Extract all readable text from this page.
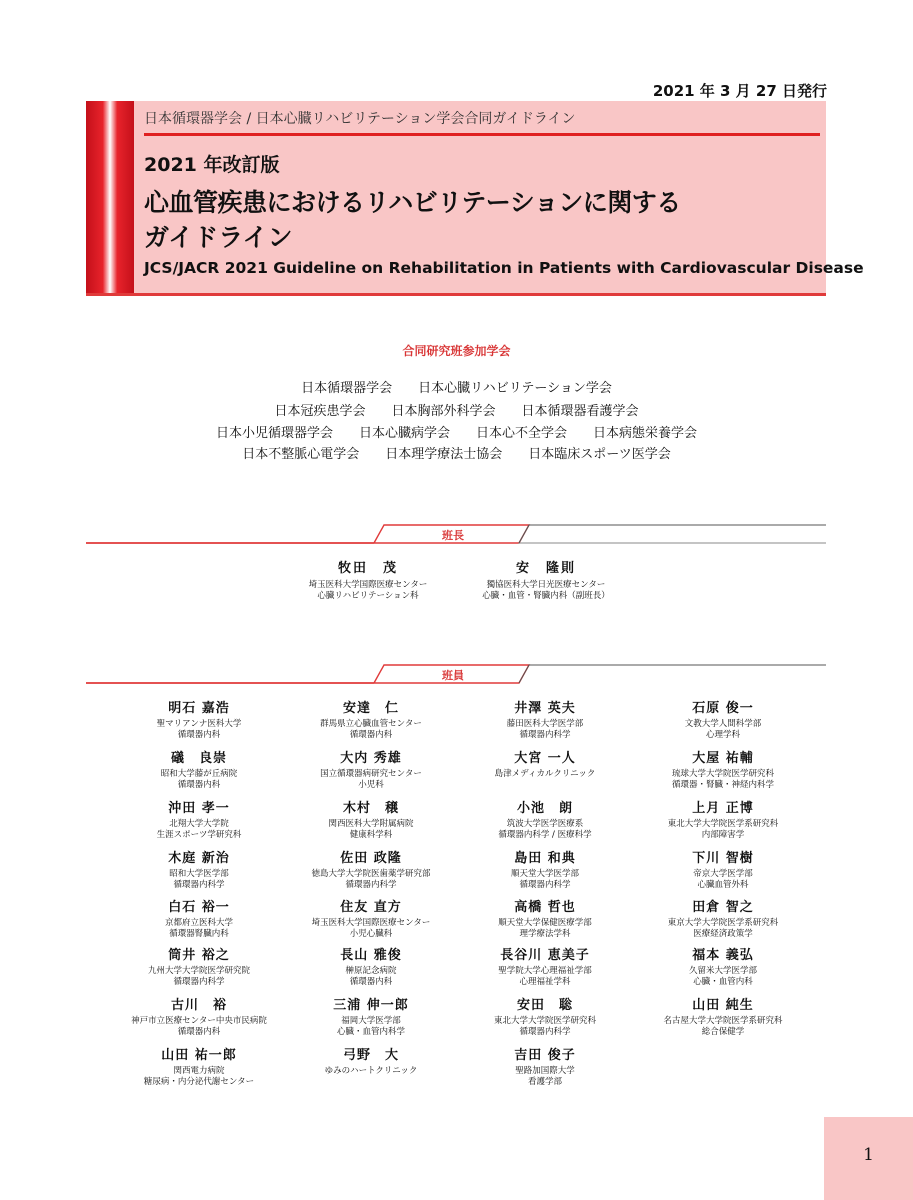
2021 年 3 月 27 日発行
日本循環器学会 / 日本心臓リハビリテーション学会合同ガイドライン
2021 年改訂版
心血管疾患におけるリハビリテーションに関する
ガイドライン
JCS/JACR 2021 Guideline on Rehabilitation in Patients with Cardiovascular Disease
合同研究班参加学会
日本循環器学会 日本心臓リハビリテーション学会
日本冠疾患学会 日本胸部外科学会 日本循環器看護学会
日本小児循環器学会 日本心臓病学会 日本心不全学会 日本病態栄養学会
日本不整脈心電学会 日本理学療法士協会 日本臨床スポーツ医学会
班長
班員
牧田　茂
埼玉医科大学国際医療センター
心臓リハビリテーション科
安　隆則
獨協医科大学日光医療センター
心臓・血管・腎臓内科（副班長）
明石 嘉浩
聖マリアンナ医科大学
循環器内科
礒　良崇
昭和大学藤が丘病院
循環器内科
沖田 孝一
北翔大学大学院
生涯スポーツ学研究科
木庭 新治
昭和大学医学部
循環器内科学
白石 裕一
京都府立医科大学
循環器腎臓内科
筒井 裕之
九州大学大学院医学研究院
循環器内科学
古川　裕
神戸市立医療センター中央市民病院
循環器内科
山田 祐一郎
関西電力病院
糖尿病・内分泌代謝センター
安達　仁
群馬県立心臓血管センター
循環器内科
大内 秀雄
国立循環器病研究センター
小児科
木村　穣
関西医科大学附属病院
健康科学科
佐田 政隆
徳島大学大学院医歯薬学研究部
循環器内科学
住友 直方
埼玉医科大学国際医療センター
小児心臓科
長山 雅俊
榊原記念病院
循環器内科
三浦 伸一郎
福岡大学医学部
心臓・血管内科学
弓野　大
ゆみのハートクリニック
井澤 英夫
藤田医科大学医学部
循環器内科学
大宮 一人
島津メディカルクリニック
小池　朗
筑波大学医学医療系
循環器内科学 / 医療科学
島田 和典
順天堂大学医学部
循環器内科学
高橋 哲也
順天堂大学保健医療学部
理学療法学科
長谷川 恵美子
聖学院大学心理福祉学部
心理福祉学科
安田　聡
東北大学大学院医学研究科
循環器内科学
吉田 俊子
聖路加国際大学
看護学部
石原 俊一
文教大学人間科学部
心理学科
大屋 祐輔
琉球大学大学院医学研究科
循環器・腎臓・神経内科学
上月 正博
東北大学大学院医学系研究科
内部障害学
下川 智樹
帝京大学医学部
心臓血管外科
田倉 智之
東京大学大学院医学系研究科
医療経済政策学
福本 義弘
久留米大学医学部
心臓・血管内科
山田 純生
名古屋大学大学院医学系研究科
総合保健学
1
